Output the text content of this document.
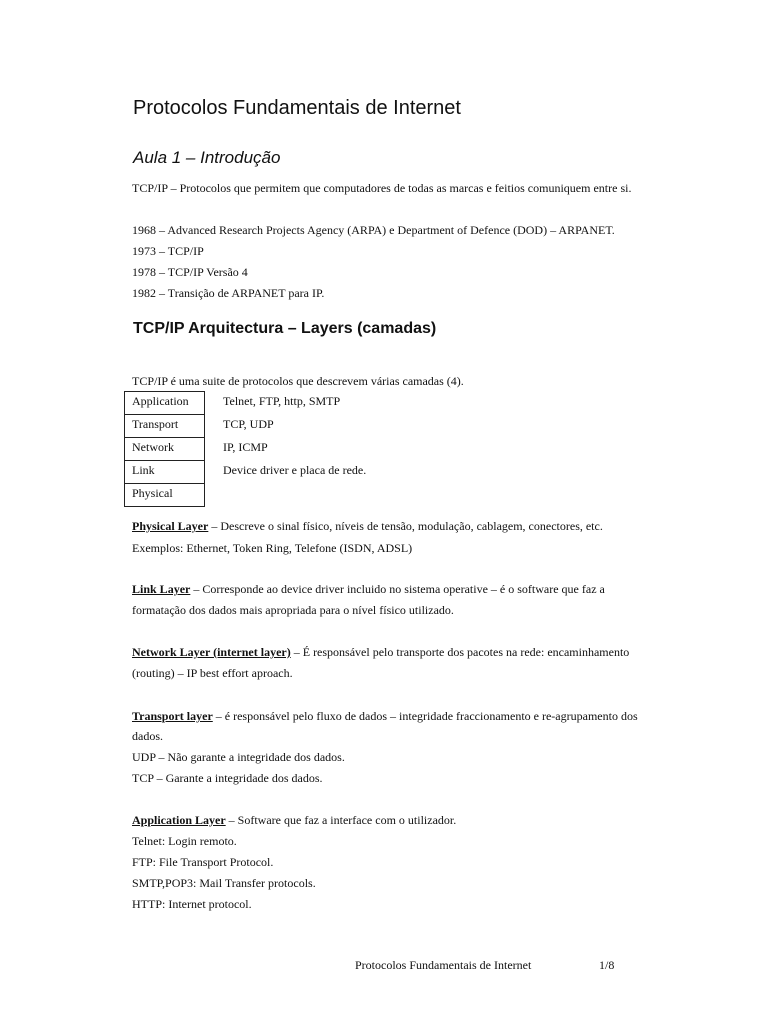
Protocolos Fundamentais de Internet
Aula 1 – Introdução
TCP/IP – Protocolos que permitem que computadores de todas as marcas e feitios comuniquem entre si.
1968 – Advanced Research Projects Agency (ARPA) e Department of Defence (DOD) – ARPANET.
1973 – TCP/IP
1978 – TCP/IP Versão 4
1982 – Transição de ARPANET para IP.
TCP/IP Arquitectura – Layers (camadas)
TCP/IP é uma suite de protocolos que descrevem várias camadas (4).
Application	Telnet, FTP, http, SMTP
Transport	TCP, UDP
Network	IP, ICMP
Link	Device driver e placa de rede.
Physical	
Physical Layer – Descreve o sinal físico, níveis de tensão, modulação, cablagem, conectores, etc.
Exemplos: Ethernet, Token Ring, Telefone (ISDN, ADSL)
Link Layer – Corresponde ao device driver incluido no sistema operative – é o software que faz a
formatação dos dados mais apropriada para o nível físico utilizado.
Network Layer (internet layer) – É responsável pelo transporte dos pacotes na rede: encaminhamento
(routing) – IP best effort aproach.
Transport layer – é responsável pelo fluxo de dados – integridade fraccionamento e re-agrupamento dos
dados.
UDP – Não garante a integridade dos dados.
TCP – Garante a integridade dos dados.
Application Layer – Software que faz a interface com o utilizador.
Telnet: Login remoto.
FTP: File Transport Protocol.
SMTP,POP3: Mail Transfer protocols.
HTTP: Internet protocol.
Protocolos Fundamentais de Internet	1/8
